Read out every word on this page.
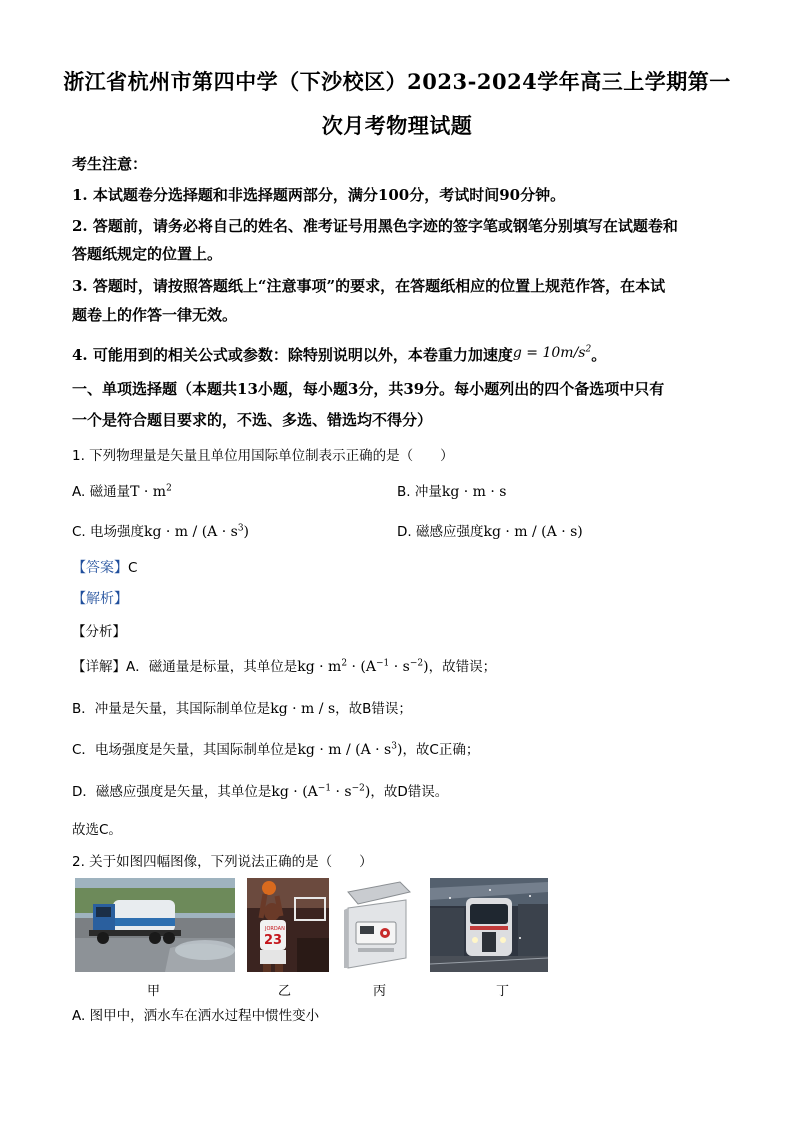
浙江省杭州市第四中学（下沙校区）2023-2024学年高三上学期第一
次月考物理试题
考生注意：
1. 本试题卷分选择题和非选择题两部分，满分100分，考试时间90分钟。
2. 答题前，请务必将自己的姓名、准考证号用黑色字迹的签字笔或钢笔分别填写在试题卷和
答题纸规定的位置上。
3. 答题时，请按照答题纸上“注意事项”的要求，在答题纸相应的位置上规范作答，在本试
题卷上的作答一律无效。
4. 可能用到的相关公式或参数：除特别说明以外，本卷重力加速度$g = 10m/s^2$。
一、单项选择题（本题共13小题，每小题3分，共39分。每小题列出的四个备选项中只有
一个是符合题目要求的，不选、多选、错选均不得分）
1. 下列物理量是矢量且单位用国际单位制表示正确的是（　　）
A. 磁通量$T \cdot m^2$	B. 冲量kg · m · s
C. 电场强度kg · $m / (A \cdot s^3)$	D. 磁感应强度kg · m / (A · s)
【答案】C
【解析】
【分析】
【详解】A．磁通量是标量，其单位是kg · $m^2 \cdot (A^{-1} \cdot s^{-2})$，故错误；
B．冲量是矢量，其国际制单位是kg · m / s，故B错误；
C．电场强度是矢量，其国际制单位是kg · $m / (A \cdot s^3)$，故C正确；
D．磁感应强度是矢量，其单位是kg · $(A^{-1} \cdot s^{-2})$，故D错误。
故选C。
2. 关于如图四幅图像，下列说法正确的是（　　）
JORDAN
23
甲	乙	丙	丁
A. 图甲中，洒水车在洒水过程中惯性变小
